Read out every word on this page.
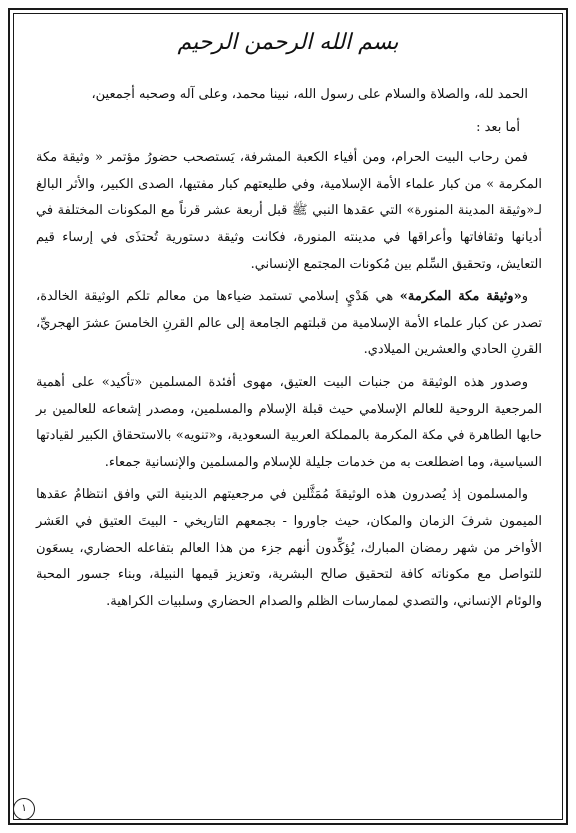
بسم الله الرحمن الرحيم

الحمد لله، والصلاة والسلام على رسول الله، نبينا محمد، وعلى آله وصحبه أجمعين،

أما بعد :

فمن رحاب البيت الحرام، ومن أفياء الكعبة المشرفة، يَستصحب حضورُ مؤتمر « وثيقة مكة المكرمة » من كبار علماء الأمة الإسلامية، وفي طليعتهم كبار مفتيها، الصدى الكبير، والأثر البالغ لـ«وثيقة المدينة المنورة» التي عقدها النبي ﷺ قبل أربعة عشر قرناً مع المكونات المختلفة في أديانها وثقافاتها وأعراقها في مدينته المنورة، فكانت وثيقة دستورية تُحتذَى في إرساء قيم التعايش، وتحقيق السِّلم بين مُكونات المجتمع الإنساني.

و«وثيقة مكة المكرمة» هي هَدْيٍ إسلامي تستمد ضياءها من معالم تلكم الوثيقة الخالدة، تصدر عن كبار علماء الأمة الإسلامية من قبلتهم الجامعة إلى عالم القرنِ الخامسَ عشرَ الهجريِّ، القرنِ الحادي والعشرين الميلادي.

وصدور هذه الوثيقة من جنبات البيت العتيق، مهوى أفئدة المسلمين «تأكيد» على أهمية المرجعية الروحية للعالم الإسلامي حيث قبلة الإسلام والمسلمين، ومصدر إشعاعه للعالمين بر حابها الطاهرة في مكة المكرمة بالمملكة العربية السعودية، و«تنويه» بالاستحقاق الكبير لقيادتها السياسية، وما اضطلعت به من خدمات جليلة للإسلام والمسلمين والإنسانية جمعاء.

والمسلمون إذ يُصدرون هذه الوثيقةَ مُمَثَّلين في مرجعيتهم الدينية التي وافق انتظامُ عقدها الميمون شرفَ الزمان والمكان، حيث جاوروا - بجمعهم التاريخي - البيتَ العتيق في العَشر الأواخر من شهر رمضان المبارك، يُؤكِّدون أنهم جزء من هذا العالم بتفاعله الحضاري، يسعَون للتواصل مع مكوناته كافة لتحقيق صالح البشرية، وتعزيز قيمها النبيلة، وبناء جسور المحبة والوئام الإنساني، والتصدي لممارسات الظلم والصدام الحضاري وسلبيات الكراهية.

١
